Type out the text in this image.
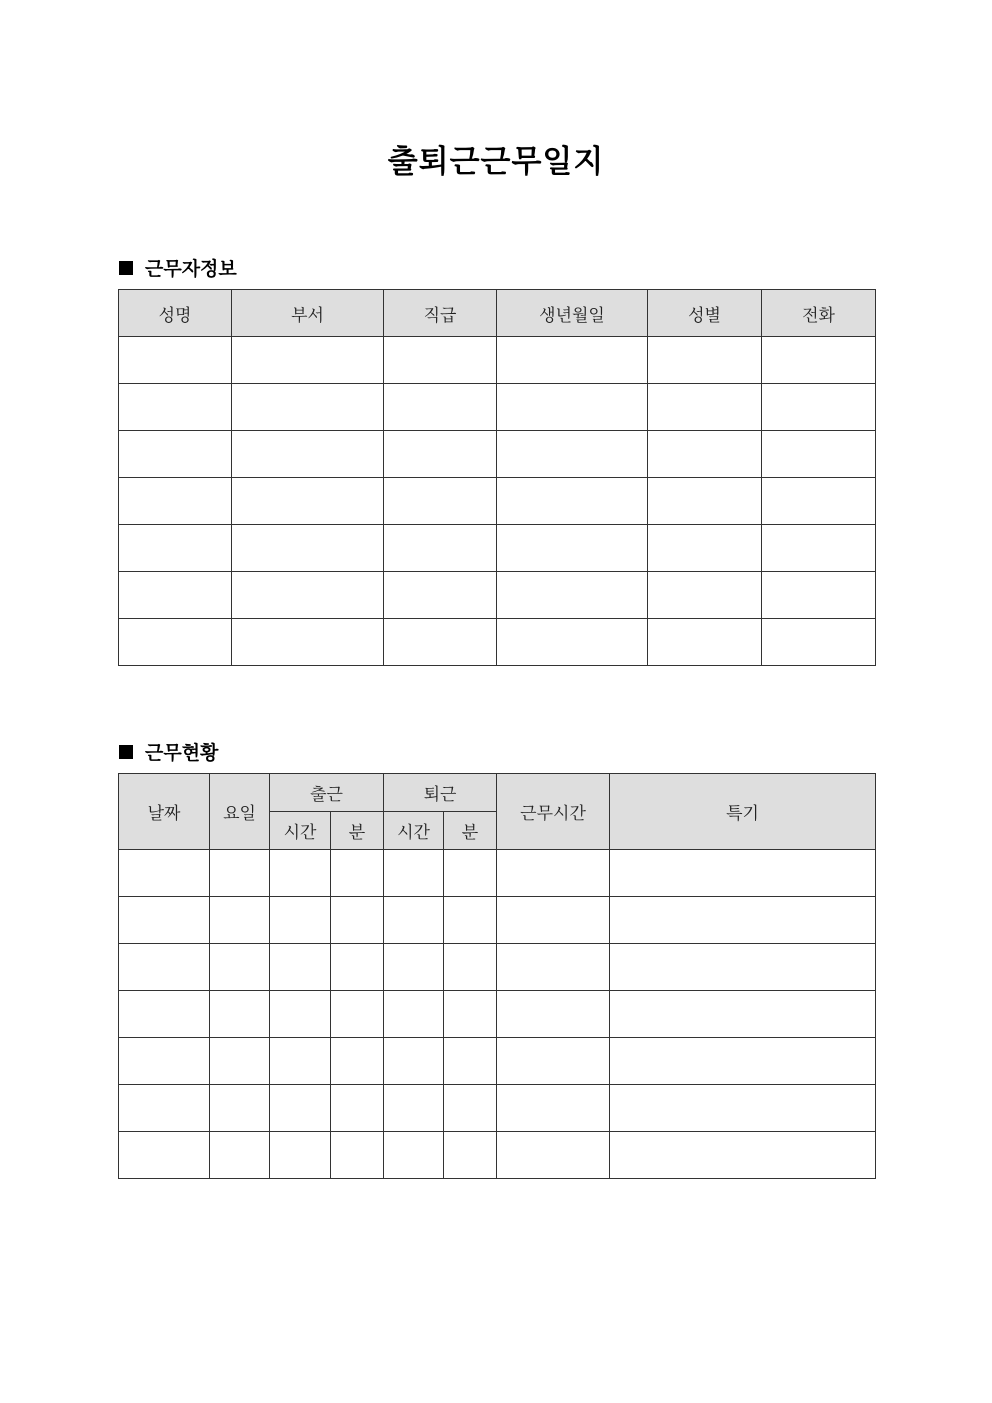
출퇴근근무일지
근무자정보
성명	부서	직급	생년월일	성별	전화

근무현황
날짜	요일	출근		퇴근		근무시간	특기
		시간	분	시간	분		
